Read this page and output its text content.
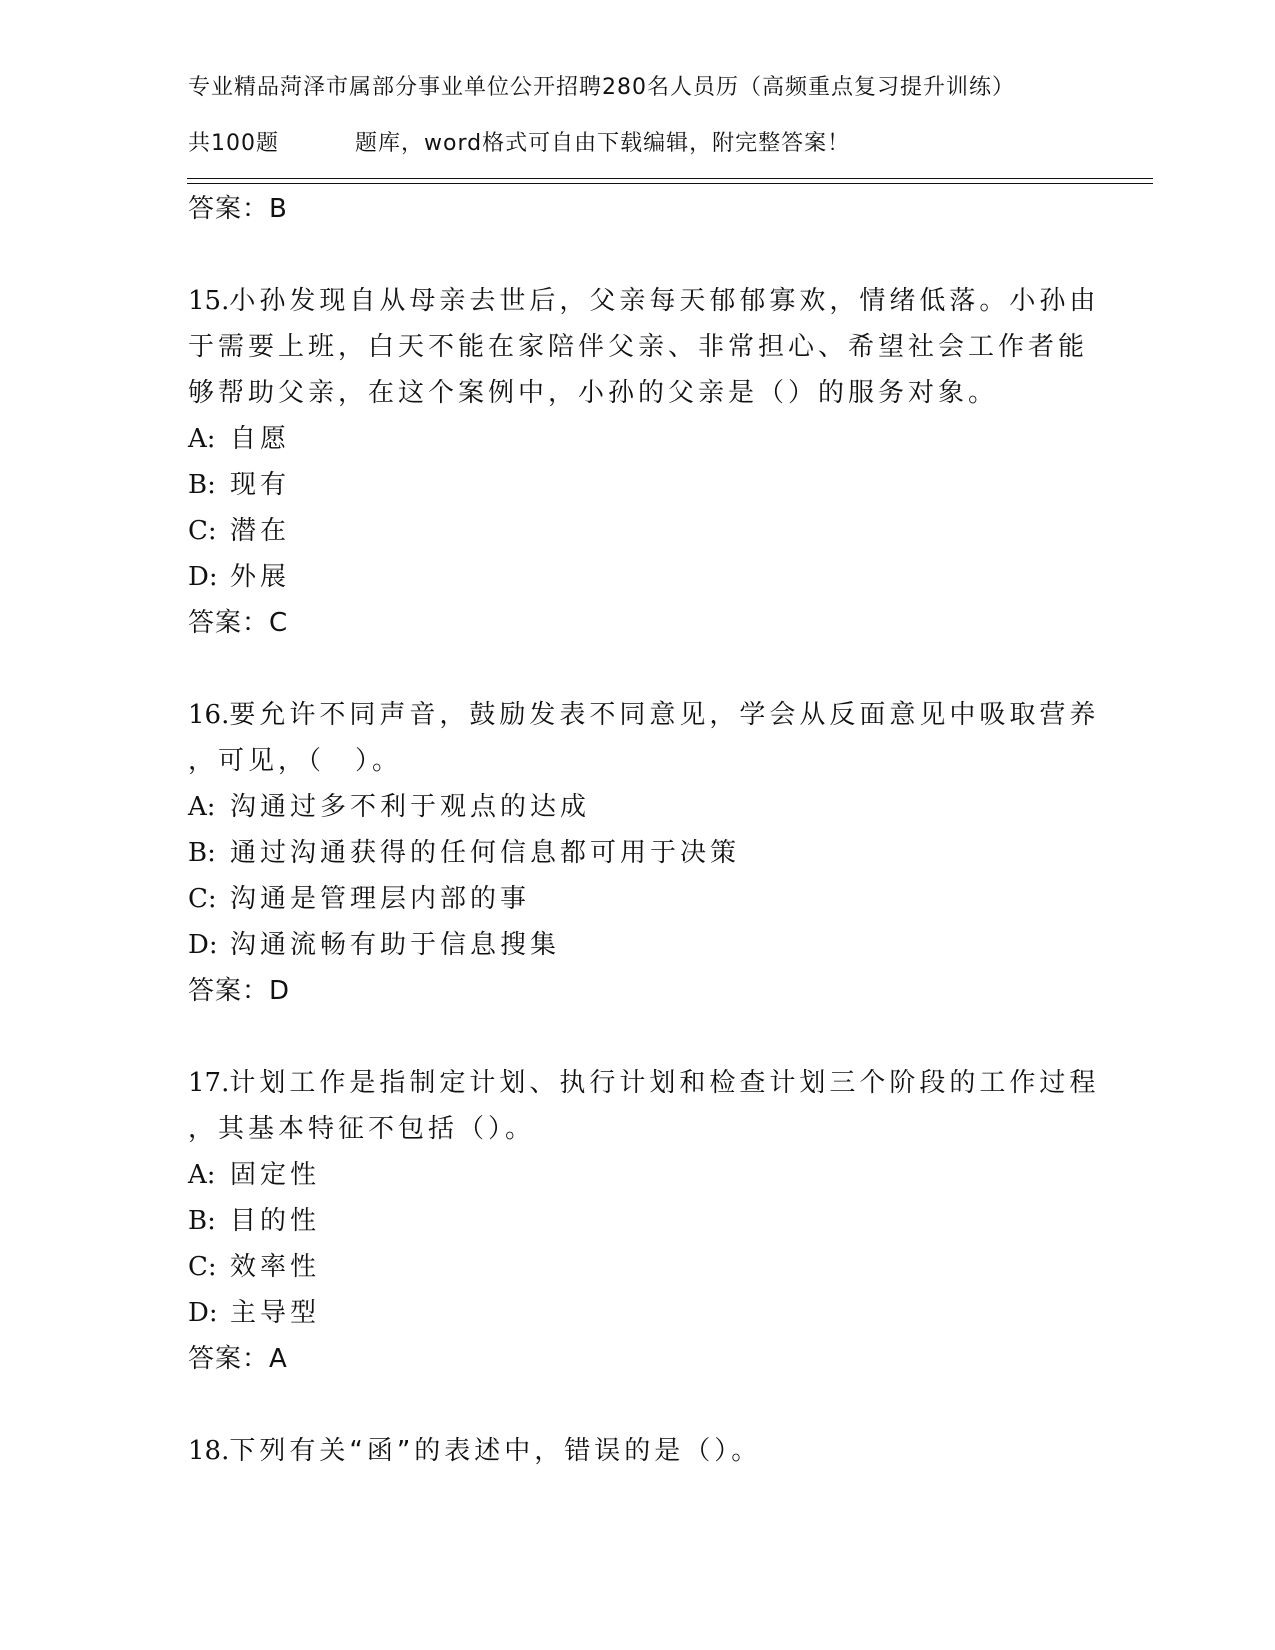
专业精品菏泽市属部分事业单位公开招聘280名人员历（高频重点复习提升训练）
共100题	题库，word格式可自由下载编辑，附完整答案！
答案：B
15.小孙发现自从母亲去世后，父亲每天郁郁寡欢，情绪低落。小孙由
于需要上班，白天不能在家陪伴父亲、非常担心、希望社会工作者能
够帮助父亲，在这个案例中，小孙的父亲是（）的服务对象。
A: 自愿
B: 现有
C: 潜在
D: 外展
答案：C
16.要允许不同声音，鼓励发表不同意见，学会从反面意见中吸取营养
，可见，（　）。
A: 沟通过多不利于观点的达成
B: 通过沟通获得的任何信息都可用于决策
C: 沟通是管理层内部的事
D: 沟通流畅有助于信息搜集
答案：D
17.计划工作是指制定计划、执行计划和检查计划三个阶段的工作过程
，其基本特征不包括（）。
A: 固定性
B: 目的性
C: 效率性
D: 主导型
答案：A
18.下列有关“函”的表述中，错误的是（）。
